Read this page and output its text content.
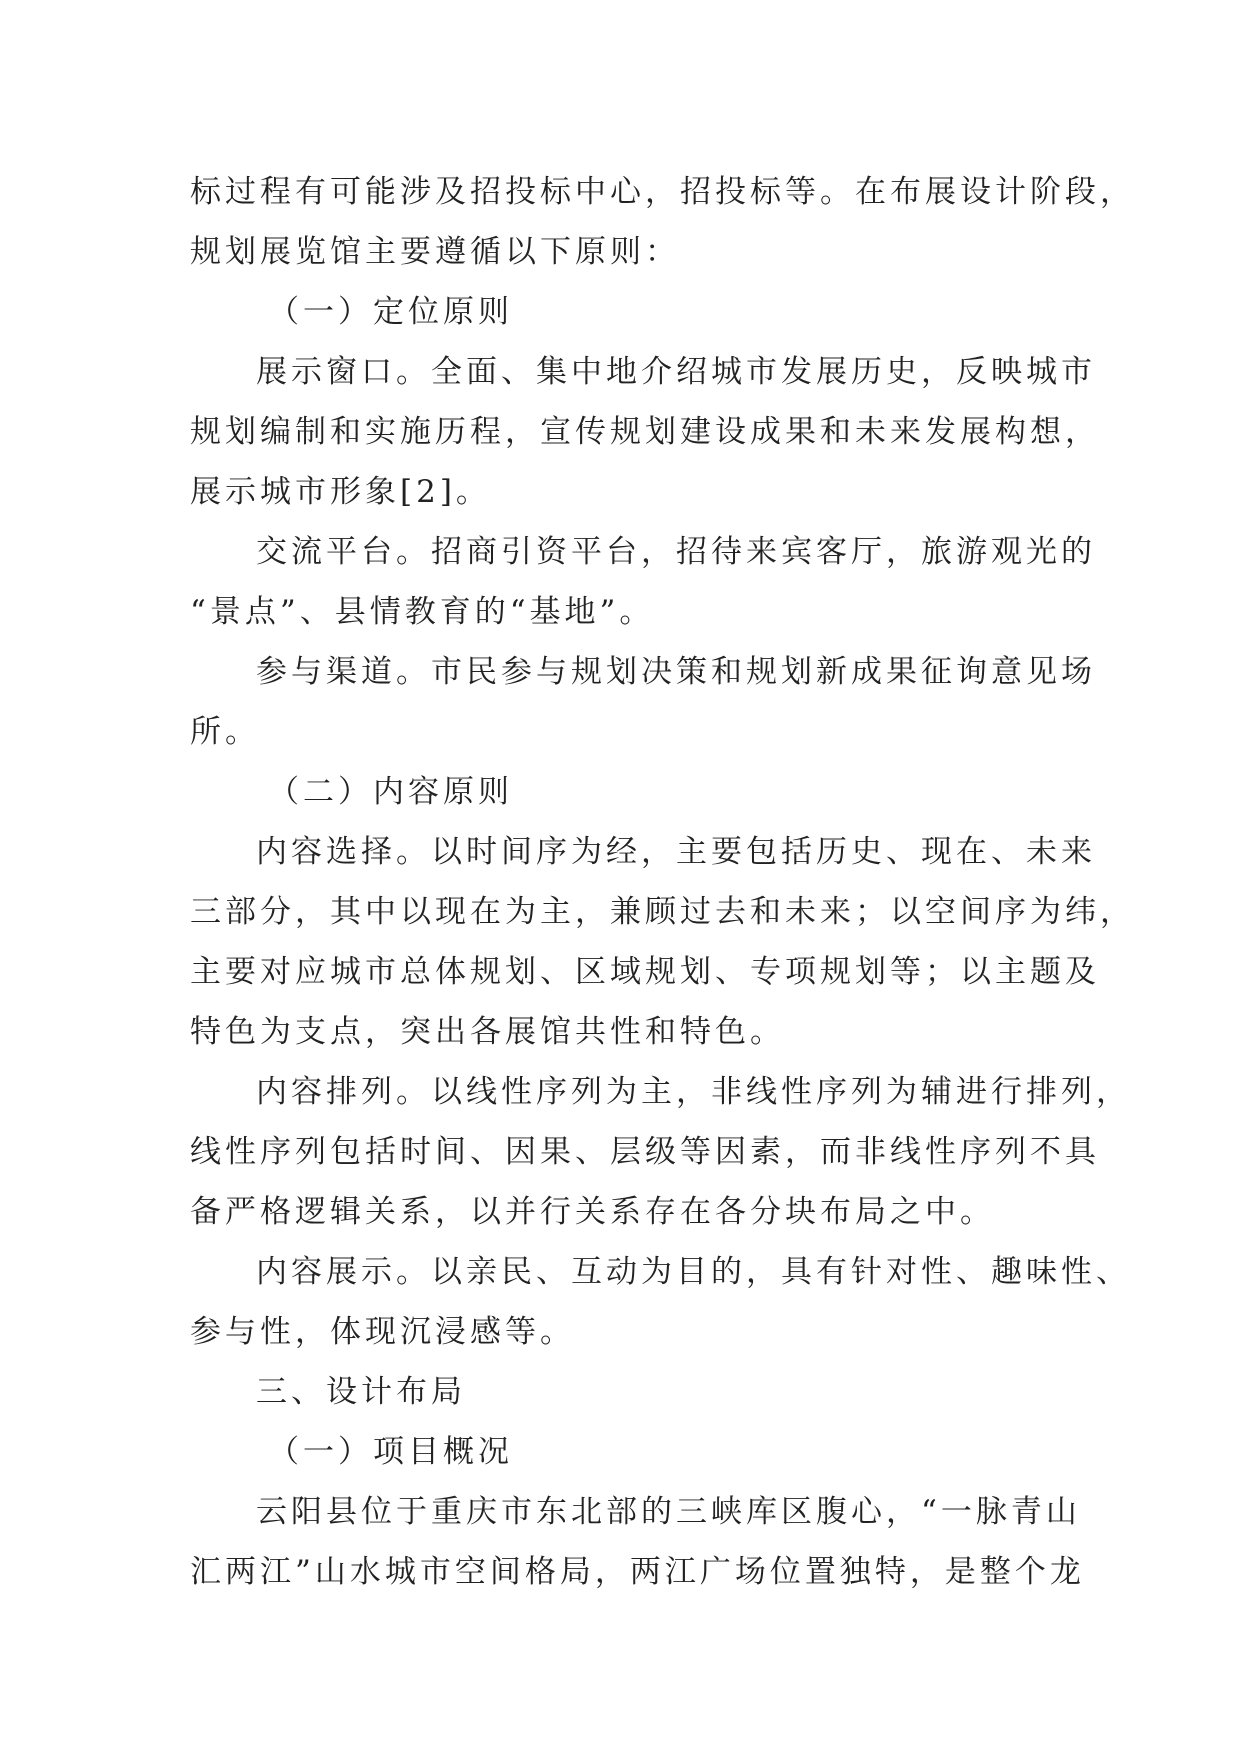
标过程有可能涉及招投标中心，招投标等。在布展设计阶段，
规划展览馆主要遵循以下原则：
（一）定位原则
展示窗口。全面、集中地介绍城市发展历史，反映城市
规划编制和实施历程，宣传规划建设成果和未来发展构想，
展示城市形象[2]。
交流平台。招商引资平台，招待来宾客厅，旅游观光的
“景点”、县情教育的“基地”。
参与渠道。市民参与规划决策和规划新成果征询意见场
所。
（二）内容原则
内容选择。以时间序为经，主要包括历史、现在、未来
三部分，其中以现在为主，兼顾过去和未来；以空间序为纬，
主要对应城市总体规划、区域规划、专项规划等；以主题及
特色为支点，突出各展馆共性和特色。
内容排列。以线性序列为主，非线性序列为辅进行排列，
线性序列包括时间、因果、层级等因素，而非线性序列不具
备严格逻辑关系，以并行关系存在各分块布局之中。
内容展示。以亲民、互动为目的，具有针对性、趣味性、
参与性，体现沉浸感等。
三、设计布局
（一）项目概况
云阳县位于重庆市东北部的三峡库区腹心，“一脉青山
汇两江”山水城市空间格局，两江广场位置独特，是整个龙
